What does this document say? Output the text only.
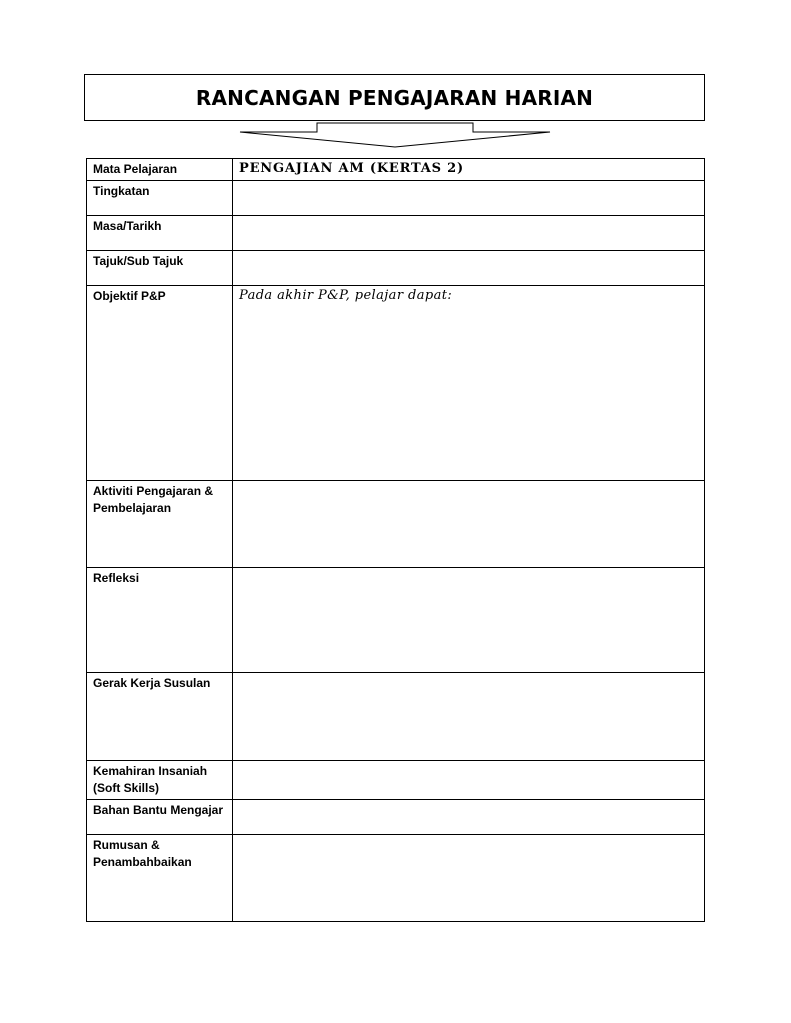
RANCANGAN PENGAJARAN HARIAN
Mata Pelajaran	PENGAJIAN AM (KERTAS 2)
Tingkatan	
Masa/Tarikh	
Tajuk/Sub Tajuk	
Objektif P&P	Pada akhir P&P, pelajar dapat:
Aktiviti Pengajaran & Pembelajaran	
Refleksi	
Gerak Kerja Susulan	
Kemahiran Insaniah (Soft Skills)	
Bahan Bantu Mengajar	
Rumusan & Penambahbaikan	
